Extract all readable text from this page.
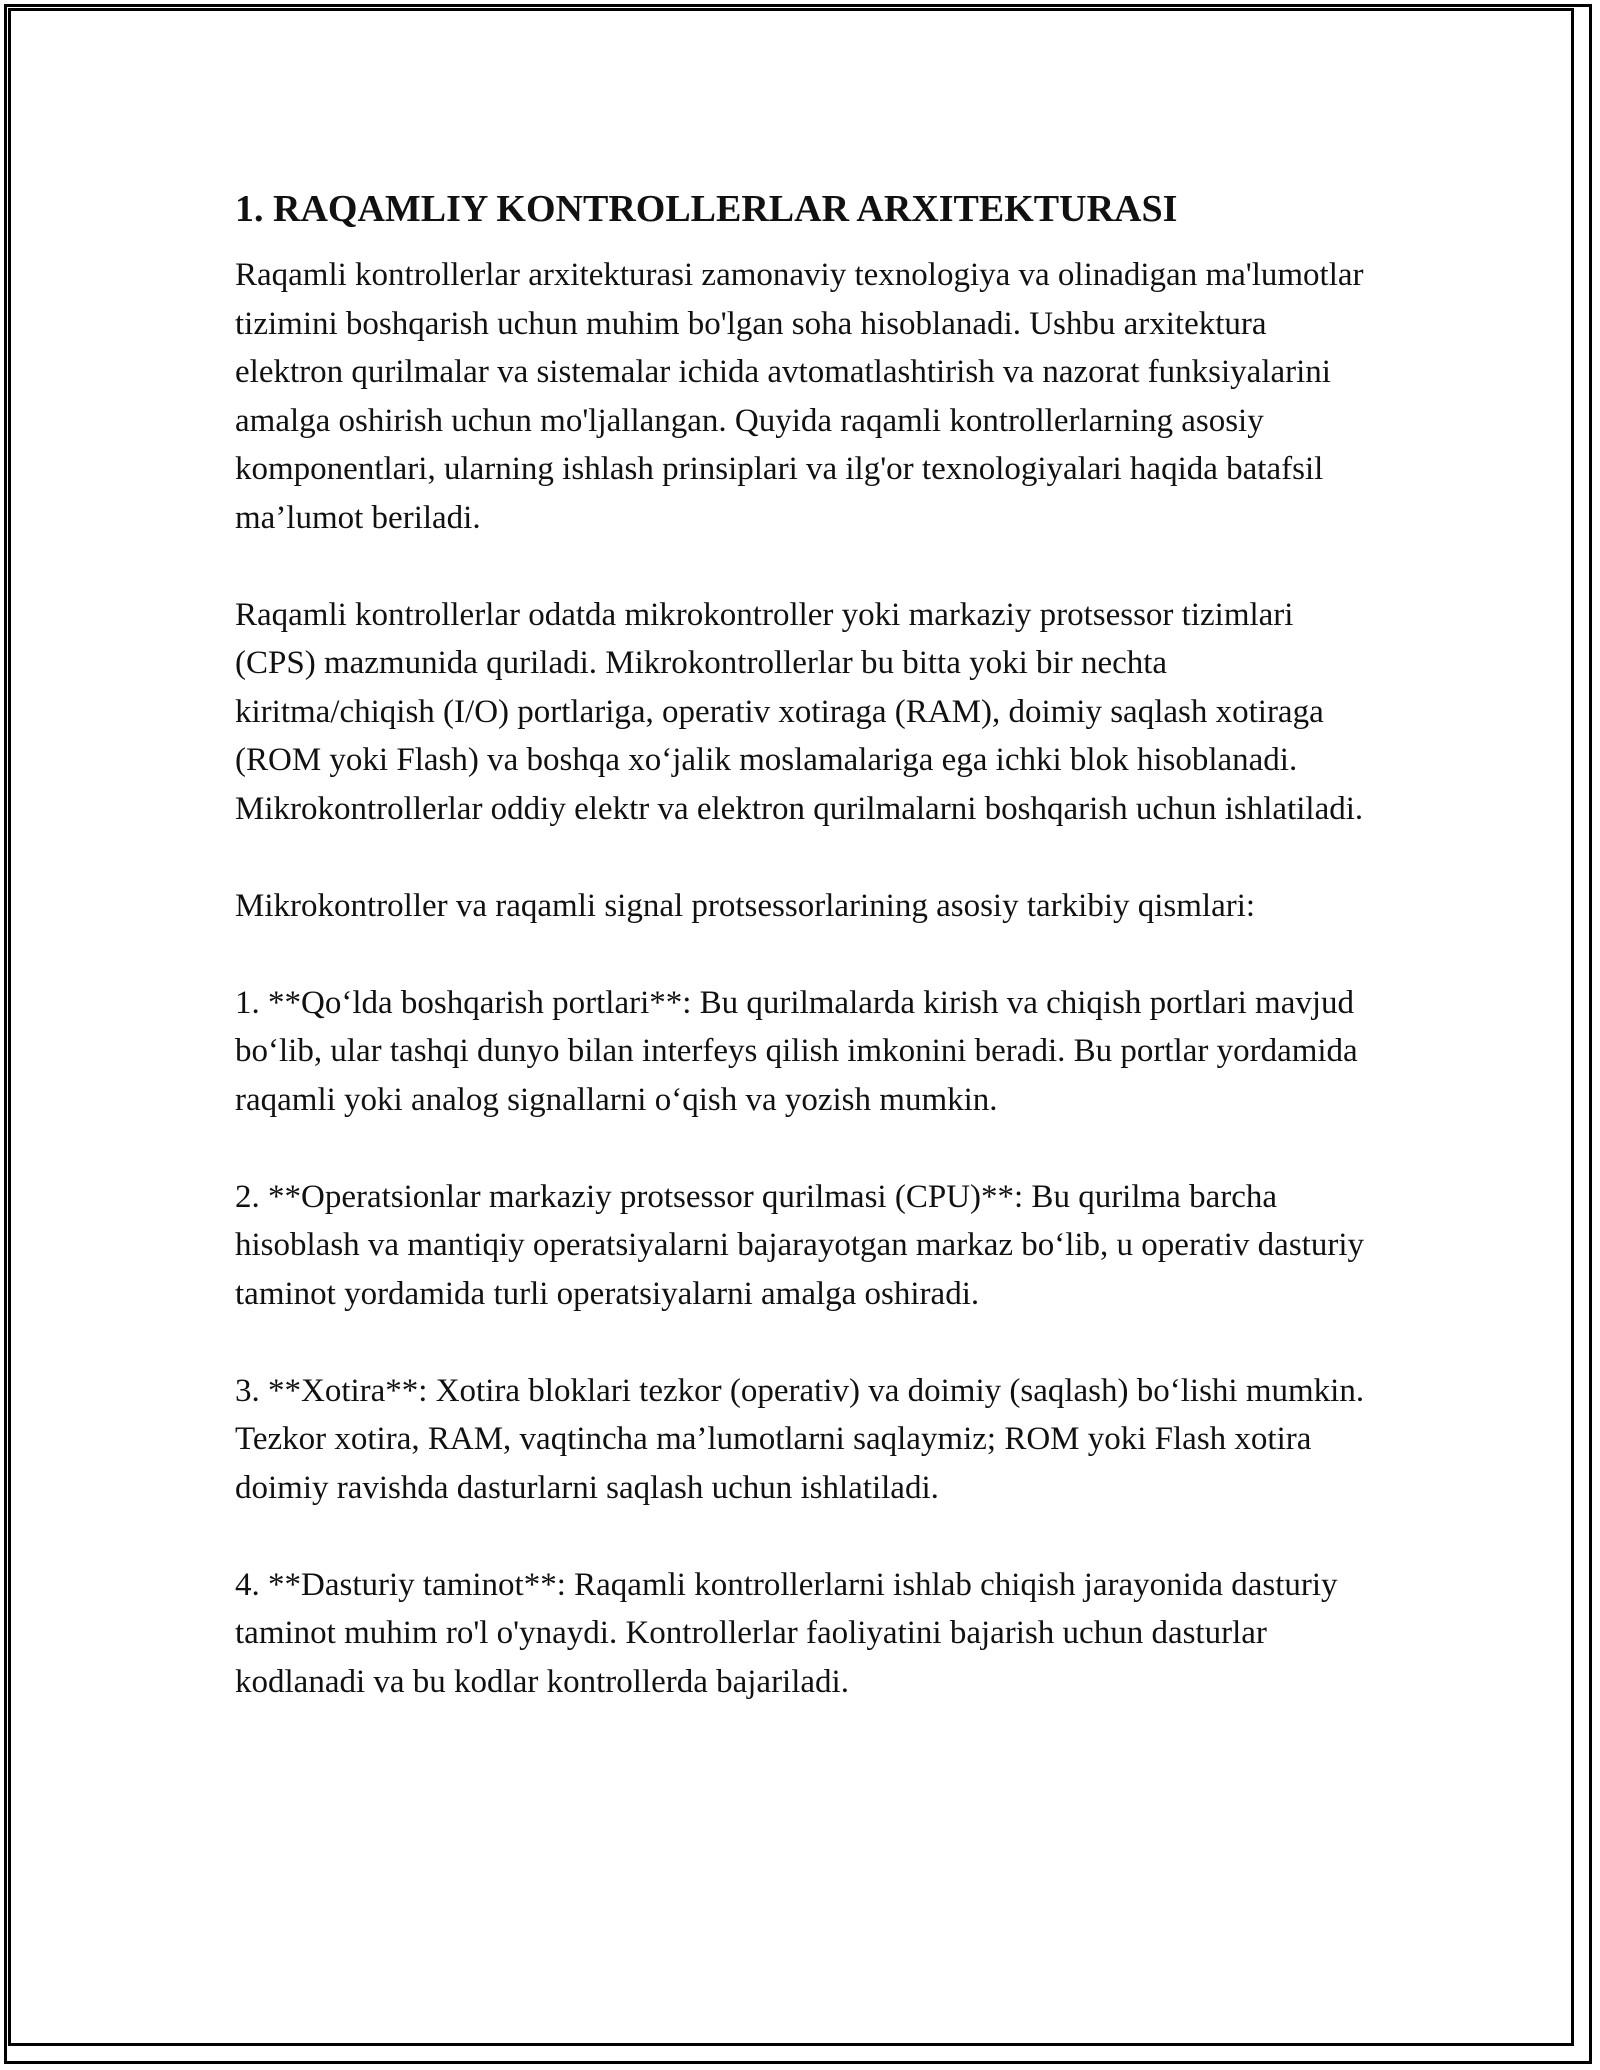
1. RAQAMLIY KONTROLLERLAR ARXITEKTURASI

Raqamli kontrollerlar arxitekturasi zamonaviy texnologiya va olinadigan ma'lumotlar tizimini boshqarish uchun muhim bo'lgan soha hisoblanadi. Ushbu arxitektura elektron qurilmalar va sistemalar ichida avtomatlashtirish va nazorat funksiyalarini amalga oshirish uchun mo'ljallangan. Quyida raqamli kontrollerlarning asosiy komponentlari, ularning ishlash prinsiplari va ilg'or texnologiyalari haqida batafsil ma’lumot beriladi.

Raqamli kontrollerlar odatda mikrokontroller yoki markaziy protsessor tizimlari (CPS) mazmunida quriladi. Mikrokontrollerlar bu bitta yoki bir nechta kiritma/chiqish (I/O) portlariga, operativ xotiraga (RAM), doimiy saqlash xotiraga (ROM yoki Flash) va boshqa xo‘jalik moslamalariga ega ichki blok hisoblanadi. Mikrokontrollerlar oddiy elektr va elektron qurilmalarni boshqarish uchun ishlatiladi.

Mikrokontroller va raqamli signal protsessorlarining asosiy tarkibiy qismlari:

1. **Qo‘lda boshqarish portlari**: Bu qurilmalarda kirish va chiqish portlari mavjud bo‘lib, ular tashqi dunyo bilan interfeys qilish imkonini beradi. Bu portlar yordamida raqamli yoki analog signallarni o‘qish va yozish mumkin.

2. **Operatsionlar markaziy protsessor qurilmasi (CPU)**: Bu qurilma barcha hisoblash va mantiqiy operatsiyalarni bajarayotgan markaz bo‘lib, u operativ dasturiy taminot yordamida turli operatsiyalarni amalga oshiradi.

3. **Xotira**: Xotira bloklari tezkor (operativ) va doimiy (saqlash) bo‘lishi mumkin. Tezkor xotira, RAM, vaqtincha ma’lumotlarni saqlaymiz; ROM yoki Flash xotira doimiy ravishda dasturlarni saqlash uchun ishlatiladi.

4. **Dasturiy taminot**: Raqamli kontrollerlarni ishlab chiqish jarayonida dasturiy taminot muhim ro'l o'ynaydi. Kontrollerlar faoliyatini bajarish uchun dasturlar kodlanadi va bu kodlar kontrollerda bajariladi.
